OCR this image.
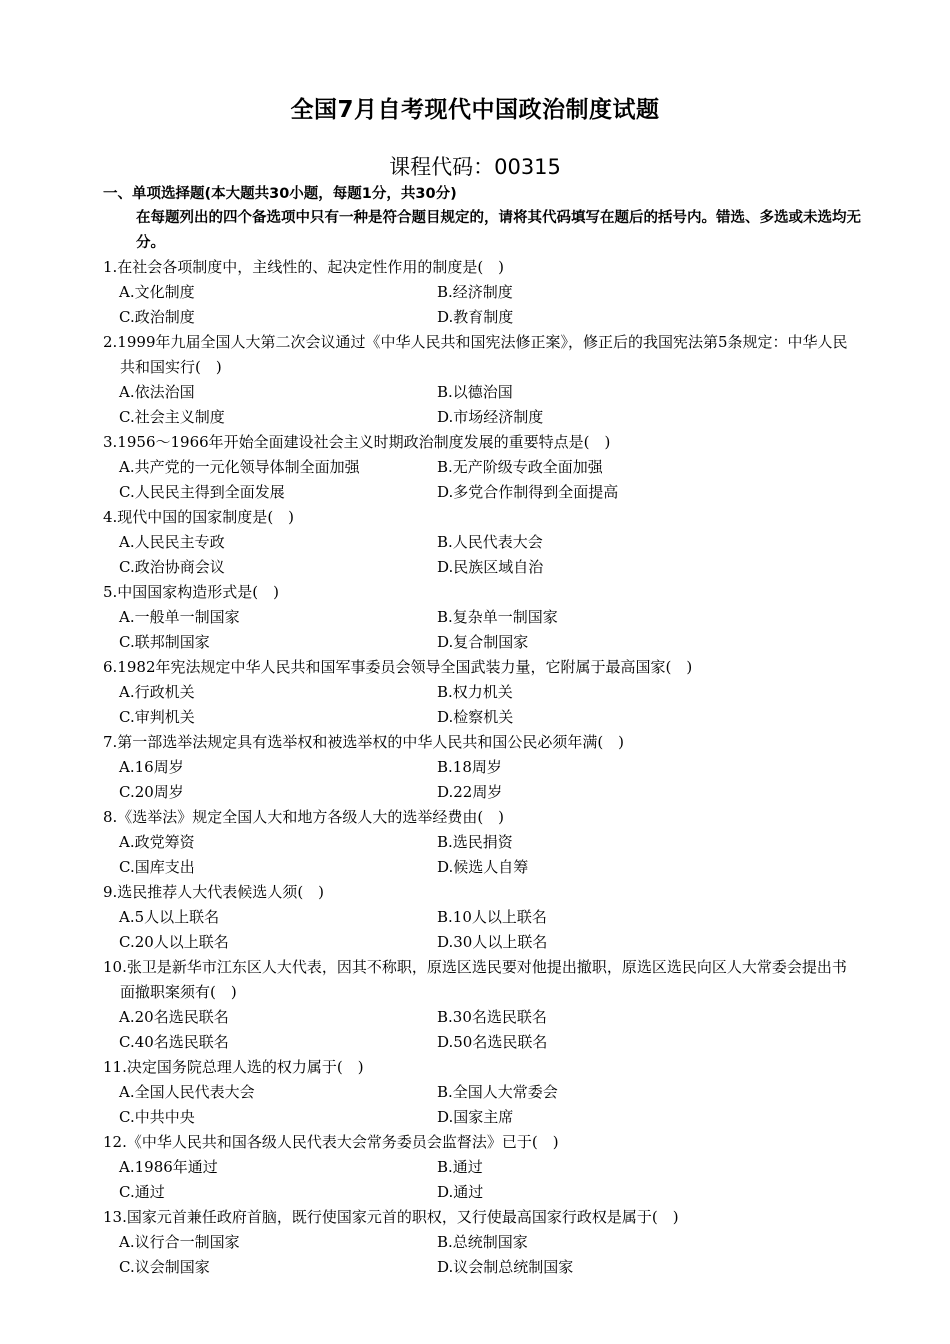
全国7月自考现代中国政治制度试题
课程代码：00315
一、单项选择题(本大题共30小题，每题1分，共30分)
在每题列出的四个备选项中只有一种是符合题目规定的，请将其代码填写在题后的括号内。错选、多选或未选均无分。
1.在社会各项制度中，主线性的、起决定性作用的制度是(　)
A.文化制度	B.经济制度
C.政治制度	D.教育制度
2.1999年九届全国人大第二次会议通过《中华人民共和国宪法修正案》，修正后的我国宪法第5条规定：中华人民共和国实行(　)
A.依法治国	B.以德治国
C.社会主义制度	D.市场经济制度
3.1956～1966年开始全面建设社会主义时期政治制度发展的重要特点是(　)
A.共产党的一元化领导体制全面加强	B.无产阶级专政全面加强
C.人民民主得到全面发展	D.多党合作制得到全面提高
4.现代中国的国家制度是(　)
A.人民民主专政	B.人民代表大会
C.政治协商会议	D.民族区域自治
5.中国国家构造形式是(　)
A.一般单一制国家	B.复杂单一制国家
C.联邦制国家	D.复合制国家
6.1982年宪法规定中华人民共和国军事委员会领导全国武装力量，它附属于最高国家(　)
A.行政机关	B.权力机关
C.审判机关	D.检察机关
7.第一部选举法规定具有选举权和被选举权的中华人民共和国公民必须年满(　)
A.16周岁	B.18周岁
C.20周岁	D.22周岁
8.《选举法》规定全国人大和地方各级人大的选举经费由(　)
A.政党筹资	B.选民捐资
C.国库支出	D.候选人自筹
9.选民推荐人大代表候选人须(　)
A.5人以上联名	B.10人以上联名
C.20人以上联名	D.30人以上联名
10.张卫是新华市江东区人大代表，因其不称职，原选区选民要对他提出撤职，原选区选民向区人大常委会提出书面撤职案须有(　)
A.20名选民联名	B.30名选民联名
C.40名选民联名	D.50名选民联名
11.决定国务院总理人选的权力属于(　)
A.全国人民代表大会	B.全国人大常委会
C.中共中央	D.国家主席
12.《中华人民共和国各级人民代表大会常务委员会监督法》已于(　)
A.1986年通过	B.通过
C.通过	D.通过
13.国家元首兼任政府首脑，既行使国家元首的职权，又行使最高国家行政权是属于(　)
A.议行合一制国家	B.总统制国家
C.议会制国家	D.议会制总统制国家
